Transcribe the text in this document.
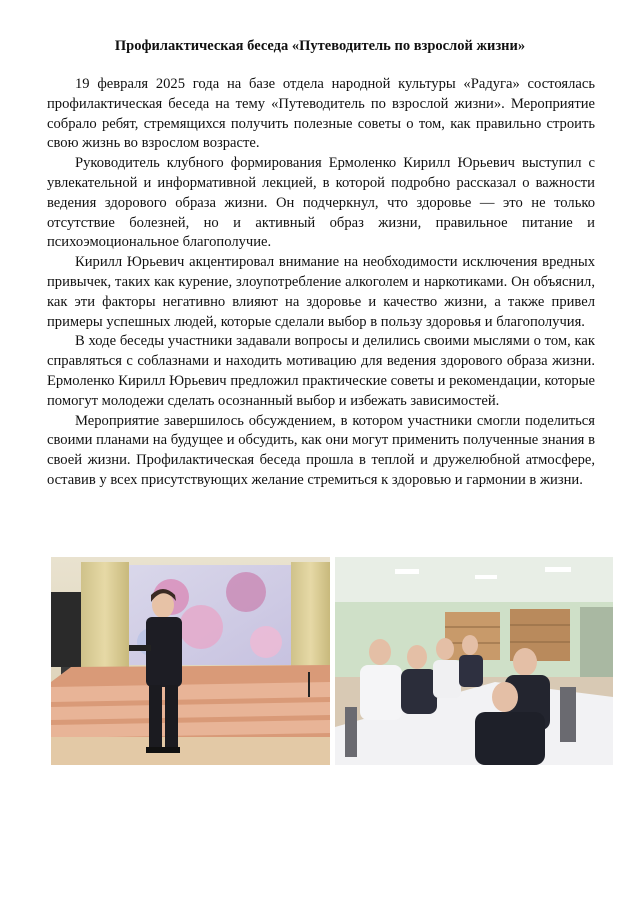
Профилактическая беседа «Путеводитель по взрослой жизни»

19 февраля 2025 года на базе отдела народной культуры «Радуга» состоялась профилактическая беседа на тему «Путеводитель по взрослой жизни». Мероприятие собрало ребят, стремящихся получить полезные советы о том, как правильно строить свою жизнь во взрослом возрасте.

Руководитель клубного формирования Ермоленко Кирилл Юрьевич выступил с увлекательной и информативной лекцией, в которой подробно рассказал о важности ведения здорового образа жизни. Он подчеркнул, что здоровье — это не только отсутствие болезней, но и активный образ жизни, правильное питание и психоэмоциональное благополучие.

Кирилл Юрьевич акцентировал внимание на необходимости исключения вредных привычек, таких как курение, злоупотребление алкоголем и наркотиками. Он объяснил, как эти факторы негативно влияют на здоровье и качество жизни, а также привел примеры успешных людей, которые сделали выбор в пользу здоровья и благополучия.

В ходе беседы участники задавали вопросы и делились своими мыслями о том, как справляться с соблазнами и находить мотивацию для ведения здорового образа жизни. Ермоленко Кирилл Юрьевич предложил практические советы и рекомендации, которые помогут молодежи сделать осознанный выбор и избежать зависимостей.

Мероприятие завершилось обсуждением, в котором участники смогли поделиться своими планами на будущее и обсудить, как они могут применить полученные знания в своей жизни. Профилактическая беседа прошла в теплой и дружелюбной атмосфере, оставив у всех присутствующих желание стремиться к здоровью и гармонии в жизни.
